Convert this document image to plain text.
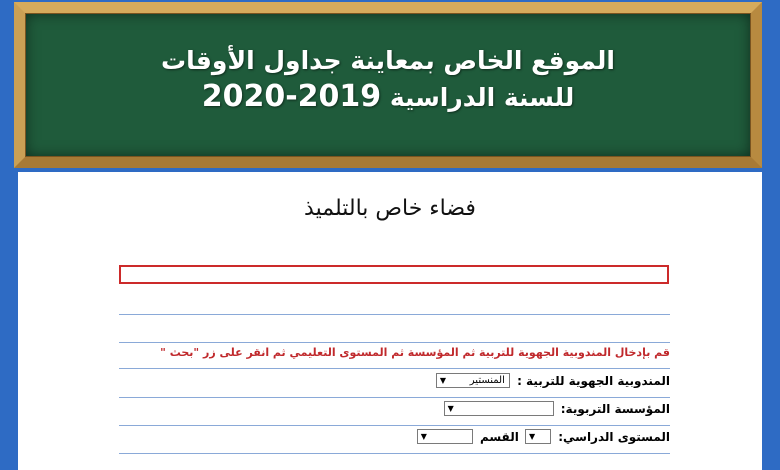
الموقع الخاص بمعاينة جداول الأوقات
للسنة الدراسية 2019-2020
فضاء خاص بالتلميذ
قم بإدخال المندوبية الجهوية للتربية ثم المؤسسة ثم المستوى التعليمي ثم انقر على زر "بحث "
المندوبية الجهوية للتربية :
المنستير
▼
المؤسسة التربوية:
▼
المستوى الدراسي:
▼
القسم
▼
